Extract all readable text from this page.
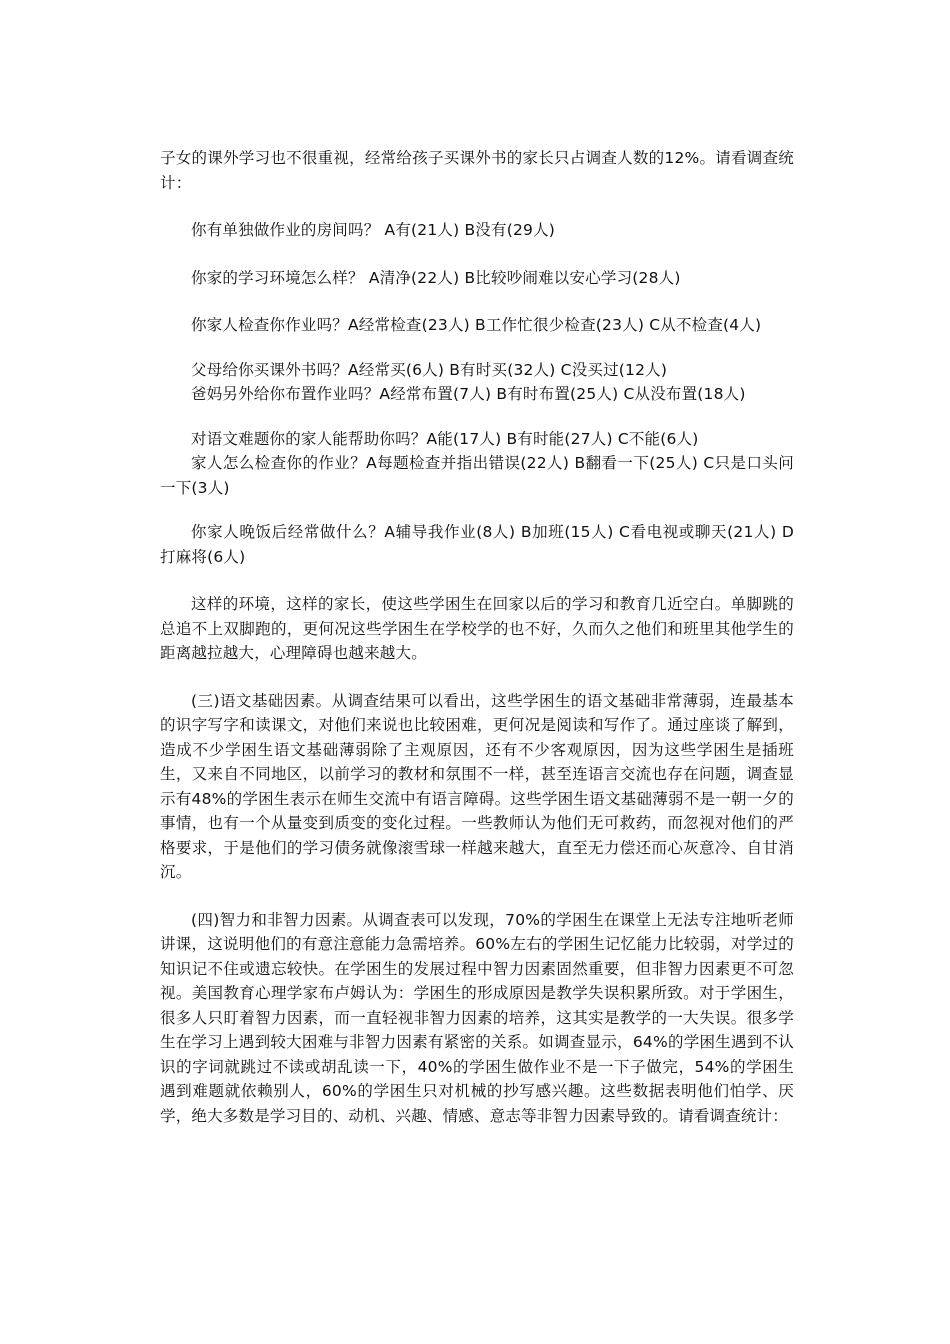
子女的课外学习也不很重视，经常给孩子买课外书的家长只占调查人数的12%。请看调查统计：

你有单独做作业的房间吗？ A有(21人) B没有(29人)

你家的学习环境怎么样？ A清净(22人) B比较吵闹难以安心学习(28人)

你家人检查你作业吗？A经常检查(23人) B工作忙很少检查(23人) C从不检查(4人)

父母给你买课外书吗？A经常买(6人) B有时买(32人) C没买过(12人)

爸妈另外给你布置作业吗？A经常布置(7人) B有时布置(25人) C从没布置(18人)

对语文难题你的家人能帮助你吗？A能(17人) B有时能(27人) C不能(6人)

家人怎么检查你的作业？A每题检查并指出错误(22人) B翻看一下(25人) C只是口头问一下(3人)

你家人晚饭后经常做什么？A辅导我作业(8人) B加班(15人) C看电视或聊天(21人) D打麻将(6人)

这样的环境，这样的家长，使这些学困生在回家以后的学习和教育几近空白。单脚跳的总追不上双脚跑的，更何况这些学困生在学校学的也不好，久而久之他们和班里其他学生的距离越拉越大，心理障碍也越来越大。

(三)语文基础因素。从调查结果可以看出，这些学困生的语文基础非常薄弱，连最基本的识字写字和读课文，对他们来说也比较困难，更何况是阅读和写作了。通过座谈了解到，造成不少学困生语文基础薄弱除了主观原因，还有不少客观原因，因为这些学困生是插班生，又来自不同地区，以前学习的教材和氛围不一样，甚至连语言交流也存在问题，调查显示有48%的学困生表示在师生交流中有语言障碍。这些学困生语文基础薄弱不是一朝一夕的事情，也有一个从量变到质变的变化过程。一些教师认为他们无可救药，而忽视对他们的严格要求，于是他们的学习债务就像滚雪球一样越来越大，直至无力偿还而心灰意冷、自甘消沉。

(四)智力和非智力因素。从调查表可以发现，70%的学困生在课堂上无法专注地听老师讲课，这说明他们的有意注意能力急需培养。60%左右的学困生记忆能力比较弱，对学过的知识记不住或遗忘较快。在学困生的发展过程中智力因素固然重要，但非智力因素更不可忽视。美国教育心理学家布卢姆认为：学困生的形成原因是教学失误积累所致。对于学困生，很多人只盯着智力因素，而一直轻视非智力因素的培养，这其实是教学的一大失误。很多学生在学习上遇到较大困难与非智力因素有紧密的关系。如调查显示，64%的学困生遇到不认识的字词就跳过不读或胡乱读一下，40%的学困生做作业不是一下子做完，54%的学困生遇到难题就依赖别人，60%的学困生只对机械的抄写感兴趣。这些数据表明他们怕学、厌学，绝大多数是学习目的、动机、兴趣、情感、意志等非智力因素导致的。请看调查统计：
